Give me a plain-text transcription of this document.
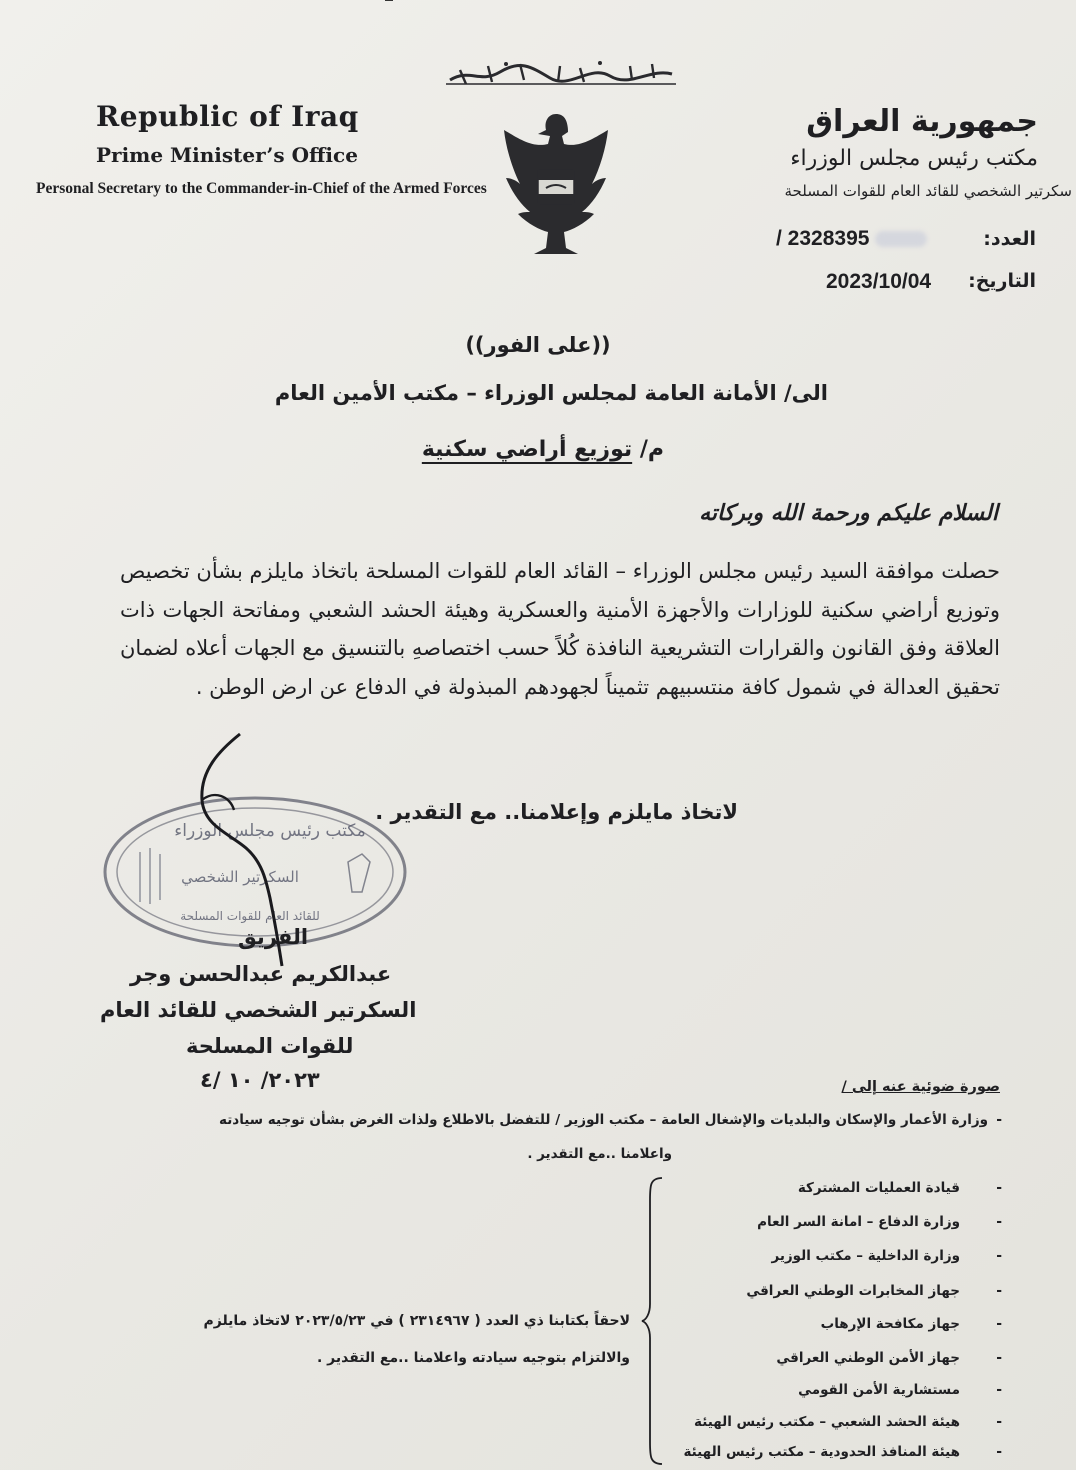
Republic of Iraq
Prime Minister’s Office
Personal Secretary to the Commander-in-Chief of the Armed Forces
جمهورية العراق
مكتب رئيس مجلس الوزراء
سكرتير الشخصي للقائد العام للقوات المسلحة
العدد:
/ 2328395
التاريخ:
2023/10/04
((على الفور))
الى/ الأمانة العامة لمجلس الوزراء – مكتب الأمين العام
م/ توزيع أراضي سكنية
السلام عليكم ورحمة الله وبركاته
حصلت موافقة السيد رئيس مجلس الوزراء – القائد العام للقوات المسلحة باتخاذ مايلزم بشأن تخصيص وتوزيع أراضي سكنية للوزارات والأجهزة الأمنية والعسكرية وهيئة الحشد الشعبي ومفاتحة الجهات ذات العلاقة وفق القانون والقرارات التشريعية النافذة كُلاً حسب اختصاصهِ بالتنسيق مع الجهات أعلاه لضمان تحقيق العدالة في شمول كافة منتسبيهم تثميناً لجهودهم المبذولة في الدفاع عن ارض الوطن .
لاتخاذ مايلزم وإعلامنا.. مع التقدير .
مكتب رئيس مجلس الوزراء
السكرتير الشخصي
للقائد العام للقوات المسلحة
الفريق
عبدالكريم عبدالحسن وجر
السكرتير الشخصي للقائد العام
للقوات المسلحة
٢٠٢٣/ ١٠ /٤	صورة ضوئية عنه إلى /
-
وزارة الأعمار والإسكان والبلديات والإشغال العامة – مكتب الوزير / للتفضل بالاطلاع ولذات الغرض بشأن توجيه سيادته
واعلامنا ..مع التقدير .
-
قيادة العمليات المشتركة
-
وزارة الدفاع – امانة السر العام
-
وزارة الداخلية – مكتب الوزير
-
جهاز المخابرات الوطني العراقي
-
جهاز مكافحة الإرهاب
-
جهاز الأمن الوطني العراقي
-
مستشارية الأمن القومي
-
هيئة الحشد الشعبي – مكتب رئيس الهيئة
-
هيئة المنافذ الحدودية – مكتب رئيس الهيئة
لاحقاً بكتابنا ذي العدد ( ٢٣١٤٩٦٧ ) في ٢٠٢٣/٥/٢٣ لاتخاذ مايلزم
والالتزام بتوجيه سيادته واعلامنا ..مع التقدير .
